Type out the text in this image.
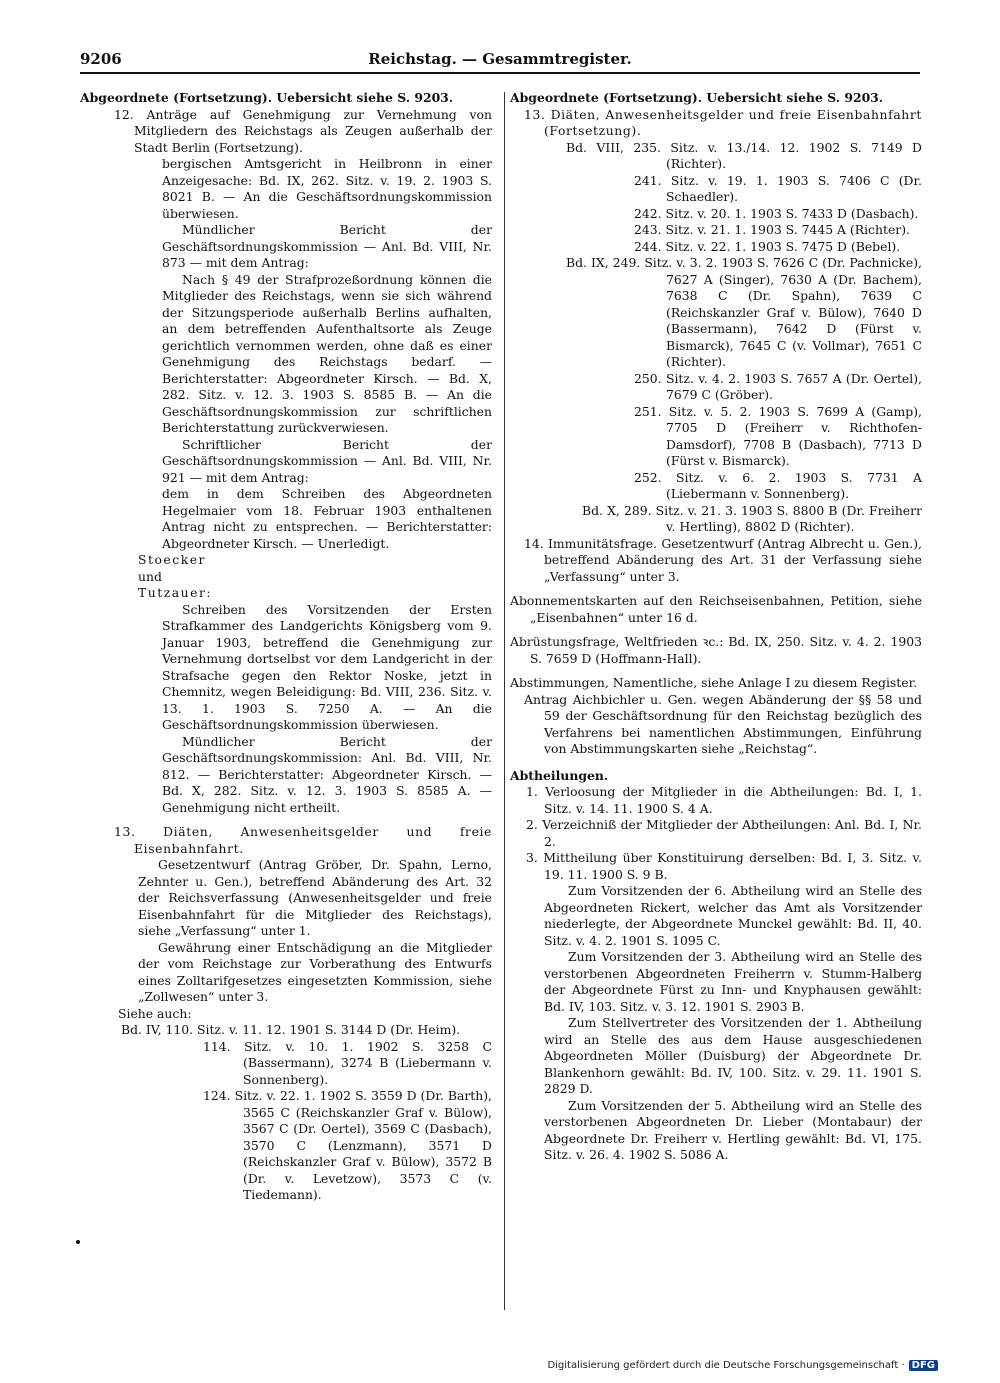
Reichstag. — Gesammtregister.
9206

Abgeordnete (Fortsetzung). Uebersicht siehe S. 9203.

12. Anträge auf Genehmigung zur Vernehmung von Mitgliedern des Reichstags als Zeugen außerhalb der Stadt Berlin (Fortsetzung).

bergischen Amtsgericht in Heilbronn in einer Anzeigesache: Bd. IX, 262. Sitz. v. 19. 2. 1903 S. 8021 B. — An die Geschäftsordnungskommission überwiesen.

Mündlicher Bericht der Geschäftsordnungskommission — Anl. Bd. VIII, Nr. 873 — mit dem Antrag:

Nach § 49 der Strafprozeßordnung können die Mitglieder des Reichstags, wenn sie sich während der Sitzungsperiode außerhalb Berlins aufhalten, an dem betreffenden Aufenthaltsorte als Zeuge gerichtlich vernommen werden, ohne daß es einer Genehmigung des Reichstags bedarf. — Berichterstatter: Abgeordneter Kirsch. — Bd. X, 282. Sitz. v. 12. 3. 1903 S. 8585 B. — An die Geschäftsordnungskommission zur schriftlichen Berichterstattung zurückverwiesen.

Schriftlicher Bericht der Geschäftsordnungskommission — Anl. Bd. VIII, Nr. 921 — mit dem Antrag:

dem in dem Schreiben des Abgeordneten Hegelmaier vom 18. Februar 1903 enthaltenen Antrag nicht zu entsprechen. — Berichterstatter: Abgeordneter Kirsch. — Unerledigt.

Stoecker

und

Tutzauer:

Schreiben des Vorsitzenden der Ersten Strafkammer des Landgerichts Königsberg vom 9. Januar 1903, betreffend die Genehmigung zur Vernehmung dortselbst vor dem Landgericht in der Strafsache gegen den Rektor Noske, jetzt in Chemnitz, wegen Beleidigung: Bd. VIII, 236. Sitz. v. 13. 1. 1903 S. 7250 A. — An die Geschäftsordnungskommission überwiesen.

Mündlicher Bericht der Geschäftsordnungskommission: Anl. Bd. VIII, Nr. 812. — Berichterstatter: Abgeordneter Kirsch. — Bd. X, 282. Sitz. v. 12. 3. 1903 S. 8585 A. — Genehmigung nicht ertheilt.

13. Diäten, Anwesenheitsgelder und freie Eisenbahnfahrt.

Gesetzentwurf (Antrag Gröber, Dr. Spahn, Lerno, Zehnter u. Gen.), betreffend Abänderung des Art. 32 der Reichsverfassung (Anwesenheitsgelder und freie Eisenbahnfahrt für die Mitglieder des Reichstags), siehe „Verfassung“ unter 1.

Gewährung einer Entschädigung an die Mitglieder der vom Reichstage zur Vorberathung des Entwurfs eines Zolltarifgesetzes eingesetzten Kommission, siehe „Zollwesen“ unter 3.

Siehe auch:

Bd. IV, 110. Sitz. v. 11. 12. 1901 S. 3144 D (Dr. Heim).

114. Sitz. v. 10. 1. 1902 S. 3258 C (Bassermann), 3274 B (Liebermann v. Sonnenberg).

124. Sitz. v. 22. 1. 1902 S. 3559 D (Dr. Barth), 3565 C (Reichskanzler Graf v. Bülow), 3567 C (Dr. Oertel), 3569 C (Dasbach), 3570 C (Lenzmann), 3571 D (Reichskanzler Graf v. Bülow), 3572 B (Dr. v. Levetzow), 3573 C (v. Tiedemann).

Abgeordnete (Fortsetzung). Uebersicht siehe S. 9203.

13. Diäten, Anwesenheitsgelder und freie Eisenbahnfahrt (Fortsetzung).

Bd. VIII, 235. Sitz. v. 13./14. 12. 1902 S. 7149 D (Richter).

241. Sitz. v. 19. 1. 1903 S. 7406 C (Dr. Schaedler).

242. Sitz. v. 20. 1. 1903 S. 7433 D (Dasbach).

243. Sitz. v. 21. 1. 1903 S. 7445 A (Richter).

244. Sitz. v. 22. 1. 1903 S. 7475 D (Bebel).

Bd. IX, 249. Sitz. v. 3. 2. 1903 S. 7626 C (Dr. Pachnicke), 7627 A (Singer), 7630 A (Dr. Bachem), 7638 C (Dr. Spahn), 7639 C (Reichskanzler Graf v. Bülow), 7640 D (Bassermann), 7642 D (Fürst v. Bismarck), 7645 C (v. Vollmar), 7651 C (Richter).

250. Sitz. v. 4. 2. 1903 S. 7657 A (Dr. Oertel), 7679 C (Gröber).

251. Sitz. v. 5. 2. 1903 S. 7699 A (Gamp), 7705 D (Freiherr v. Richthofen-Damsdorf), 7708 B (Dasbach), 7713 D (Fürst v. Bismarck).

252. Sitz. v. 6. 2. 1903 S. 7731 A (Liebermann v. Sonnenberg).

Bd. X, 289. Sitz. v. 21. 3. 1903 S. 8800 B (Dr. Freiherr v. Hertling), 8802 D (Richter).

14. Immunitätsfrage. Gesetzentwurf (Antrag Albrecht u. Gen.), betreffend Abänderung des Art. 31 der Verfassung siehe „Verfassung“ unter 3.

Abonnementskarten auf den Reichseisenbahnen, Petition, siehe „Eisenbahnen“ unter 16 d.

Abrüstungsfrage, Weltfrieden ꝛc.: Bd. IX, 250. Sitz. v. 4. 2. 1903 S. 7659 D (Hoffmann-Hall).

Abstimmungen, Namentliche, siehe Anlage I zu diesem Register.

Antrag Aichbichler u. Gen. wegen Abänderung der §§ 58 und 59 der Geschäftsordnung für den Reichstag bezüglich des Verfahrens bei namentlichen Abstimmungen, Einführung von Abstimmungskarten siehe „Reichstag“.

Abtheilungen.

1. Verloosung der Mitglieder in die Abtheilungen: Bd. I, 1. Sitz. v. 14. 11. 1900 S. 4 A.

2. Verzeichniß der Mitglieder der Abtheilungen: Anl. Bd. I, Nr. 2.

3. Mittheilung über Konstituirung derselben: Bd. I, 3. Sitz. v. 19. 11. 1900 S. 9 B.

Zum Vorsitzenden der 6. Abtheilung wird an Stelle des Abgeordneten Rickert, welcher das Amt als Vorsitzender niederlegte, der Abgeordnete Munckel gewählt: Bd. II, 40. Sitz. v. 4. 2. 1901 S. 1095 C.

Zum Vorsitzenden der 3. Abtheilung wird an Stelle des verstorbenen Abgeordneten Freiherrn v. Stumm-Halberg der Abgeordnete Fürst zu Inn- und Knyphausen gewählt: Bd. IV, 103. Sitz. v. 3. 12. 1901 S. 2903 B.

Zum Stellvertreter des Vorsitzenden der 1. Abtheilung wird an Stelle des aus dem Hause ausgeschiedenen Abgeordneten Möller (Duisburg) der Abgeordnete Dr. Blankenhorn gewählt: Bd. IV, 100. Sitz. v. 29. 11. 1901 S. 2829 D.

Zum Vorsitzenden der 5. Abtheilung wird an Stelle des verstorbenen Abgeordneten Dr. Lieber (Montabaur) der Abgeordnete Dr. Freiherr v. Hertling gewählt: Bd. VI, 175. Sitz. v. 26. 4. 1902 S. 5086 A.

Digitalisierung gefördert durch die Deutsche Forschungsgemeinschaft · DFG
